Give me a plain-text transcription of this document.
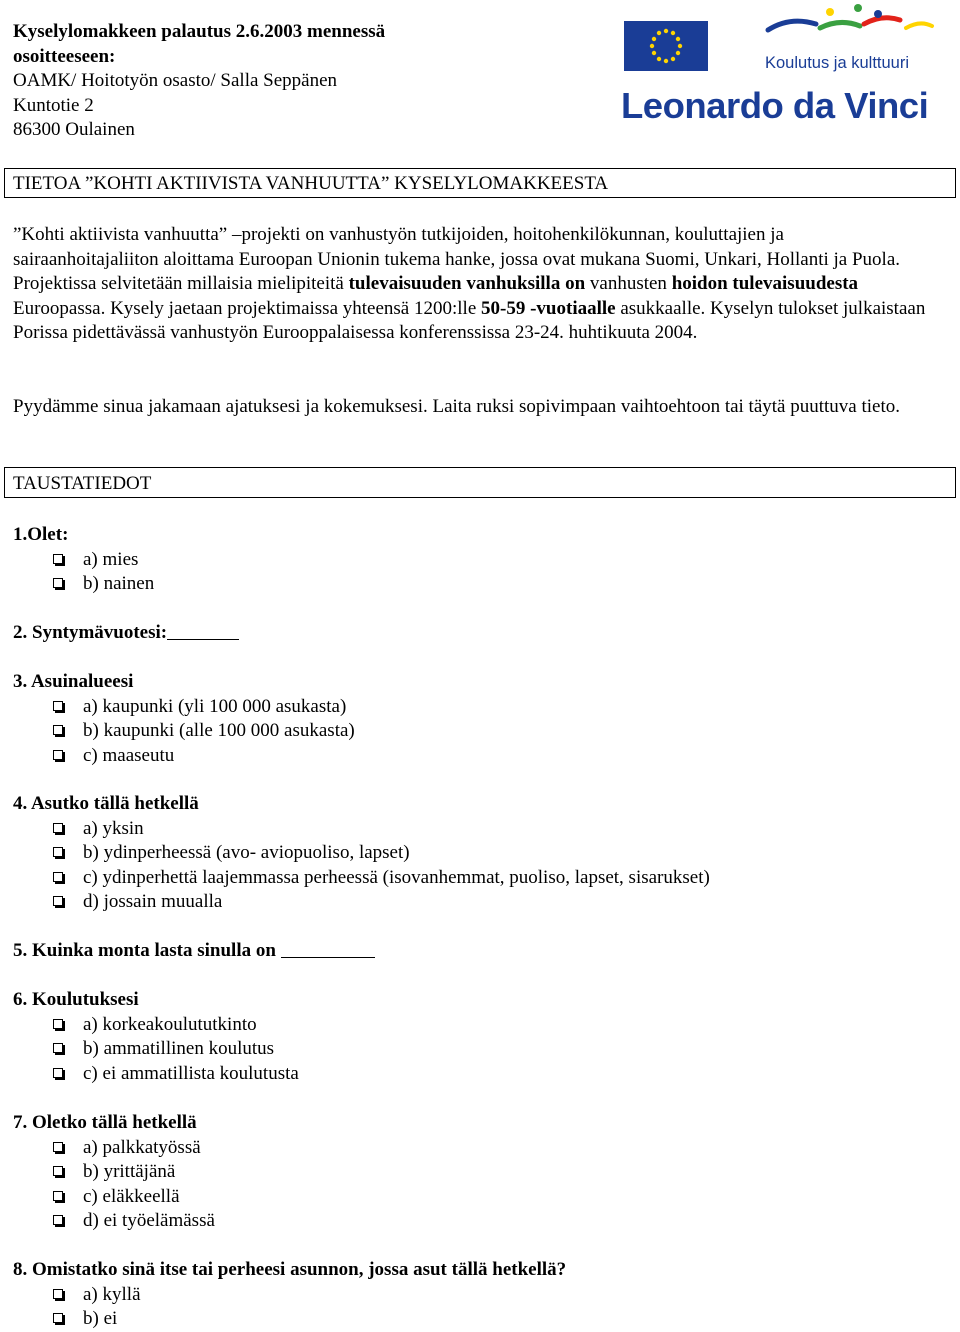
Kyselylomakkeen palautus 2.6.2003 mennessä
osoitteeseen:
OAMK/ Hoitotyön osasto/ Salla Seppänen
Kuntotie 2
86300 Oulainen
Koulutus ja kulttuuri
Leonardo da Vinci
TIETOA ”KOHTI AKTIIVISTA VANHUUTTA” KYSELYLOMAKKEESTA

”Kohti aktiivista vanhuutta” –projekti on vanhustyön tutkijoiden, hoitohenkilökunnan, kouluttajien ja sairaanhoitajaliiton aloittama Euroopan Unionin tukema hanke, jossa ovat mukana Suomi, Unkari, Hollanti ja Puola. Projektissa selvitetään millaisia mielipiteitä tulevaisuuden vanhuksilla on vanhusten hoidon tulevaisuudesta Euroopassa. Kysely jaetaan projektimaissa yhteensä 1200:lle 50-59 -vuotiaalle asukkaalle. Kyselyn tulokset julkaistaan Porissa pidettävässä vanhustyön Eurooppalaisessa konferenssissa 23-24. huhtikuuta 2004.

Pyydämme sinua jakamaan ajatuksesi ja kokemuksesi. Laita ruksi sopivimpaan vaihtoehtoon tai täytä puuttuva tieto.
TAUSTATIEDOT
1.Olet:
a) mies
b) nainen
2. Syntymävuotesi:
3. Asuinalueesi
a) kaupunki (yli 100 000 asukasta)
b) kaupunki (alle 100 000 asukasta)
c) maaseutu
4. Asutko tällä hetkellä
a) yksin
b) ydinperheessä (avo- aviopuoliso, lapset)
c) ydinperhettä laajemmassa perheessä (isovanhemmat, puoliso, lapset, sisarukset)
d) jossain muualla
5. Kuinka monta lasta sinulla on
6. Koulutuksesi
a) korkeakoulututkinto
b) ammatillinen koulutus
c) ei ammatillista koulutusta
7. Oletko tällä hetkellä
a) palkkatyössä
b) yrittäjänä
c) eläkkeellä
d) ei työelämässä
8. Omistatko sinä itse tai perheesi asunnon, jossa asut tällä hetkellä?
a) kyllä
b) ei
